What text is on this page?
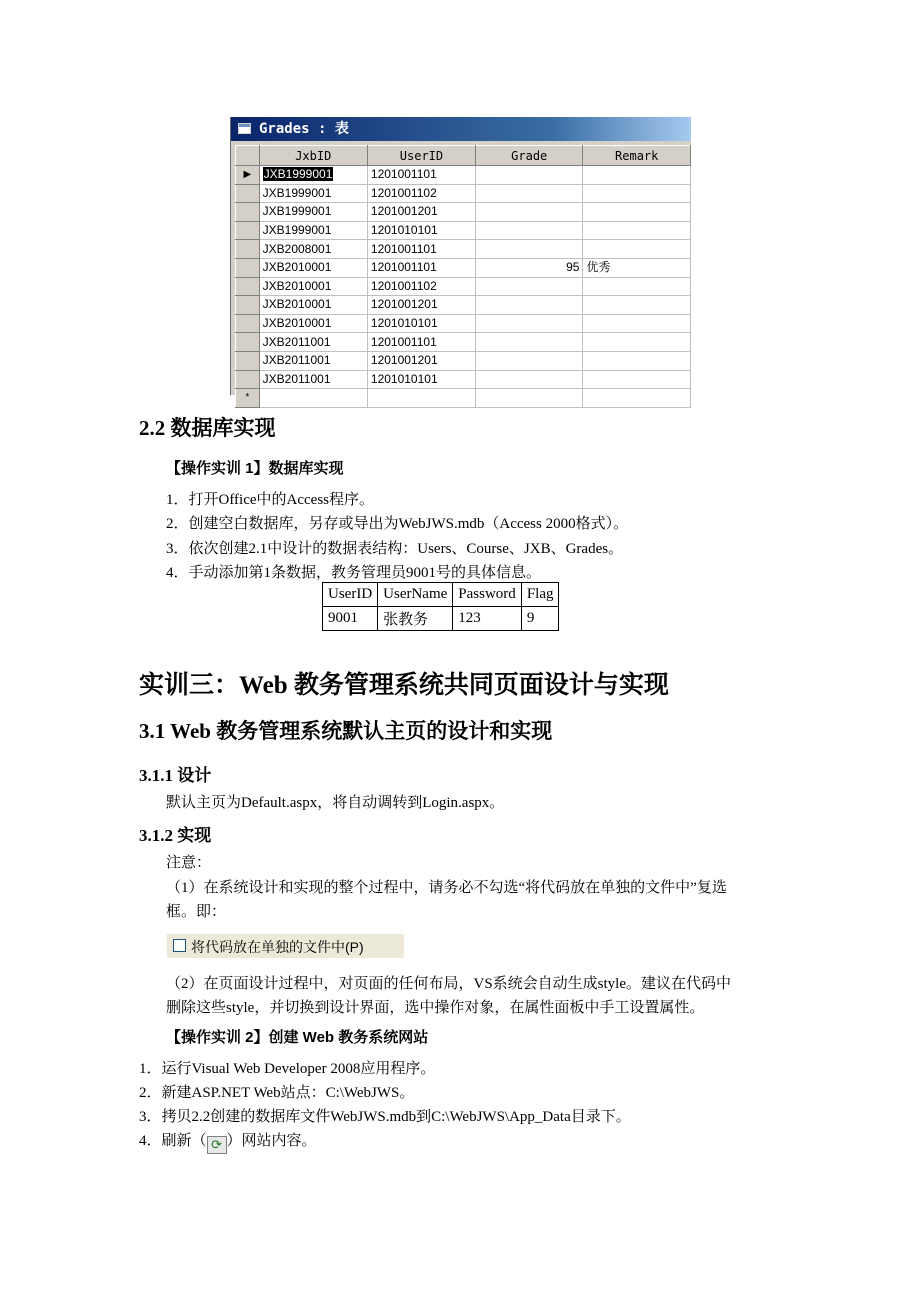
Grades : 表
	JxbID	UserID	Grade	Remark
▶	JXB1999001	1201001101		
	JXB1999001	1201001102		
	JXB1999001	1201001201		
	JXB1999001	1201010101		
	JXB2008001	1201001101		
	JXB2010001	1201001101	95	优秀
	JXB2010001	1201001102		
	JXB2010001	1201001201		
	JXB2010001	1201010101		
	JXB2011001	1201001101		
	JXB2011001	1201001201		
	JXB2011001	1201010101		
*				
2.2 数据库实现
【操作实训 1】数据库实现
1．打开Office中的Access程序。
2．创建空白数据库，另存或导出为WebJWS.mdb（Access 2000格式）。
3．依次创建2.1中设计的数据表结构：Users、Course、JXB、Grades。
4．手动添加第1条数据，教务管理员9001号的具体信息。
UserID	UserName	Password	Flag
9001	张教务	123	9
实训三：Web 教务管理系统共同页面设计与实现
3.1 Web 教务管理系统默认主页的设计和实现
3.1.1 设计
默认主页为Default.aspx，将自动调转到Login.aspx。
3.1.2 实现
注意：
（1）在系统设计和实现的整个过程中，请务必不勾选“将代码放在单独的文件中”复选
框。即：
将代码放在单独的文件中(P)
（2）在页面设计过程中，对页面的任何布局，VS系统会自动生成style。建议在代码中
删除这些style，并切换到设计界面，选中操作对象，在属性面板中手工设置属性。
【操作实训 2】创建 Web 教务系统网站
1．运行Visual Web Developer 2008应用程序。
2．新建ASP.NET Web站点：C:\WebJWS。
3．拷贝2.2创建的数据库文件WebJWS.mdb到C:\WebJWS\App_Data目录下。
4．刷新（ ⟳ ）网站内容。
